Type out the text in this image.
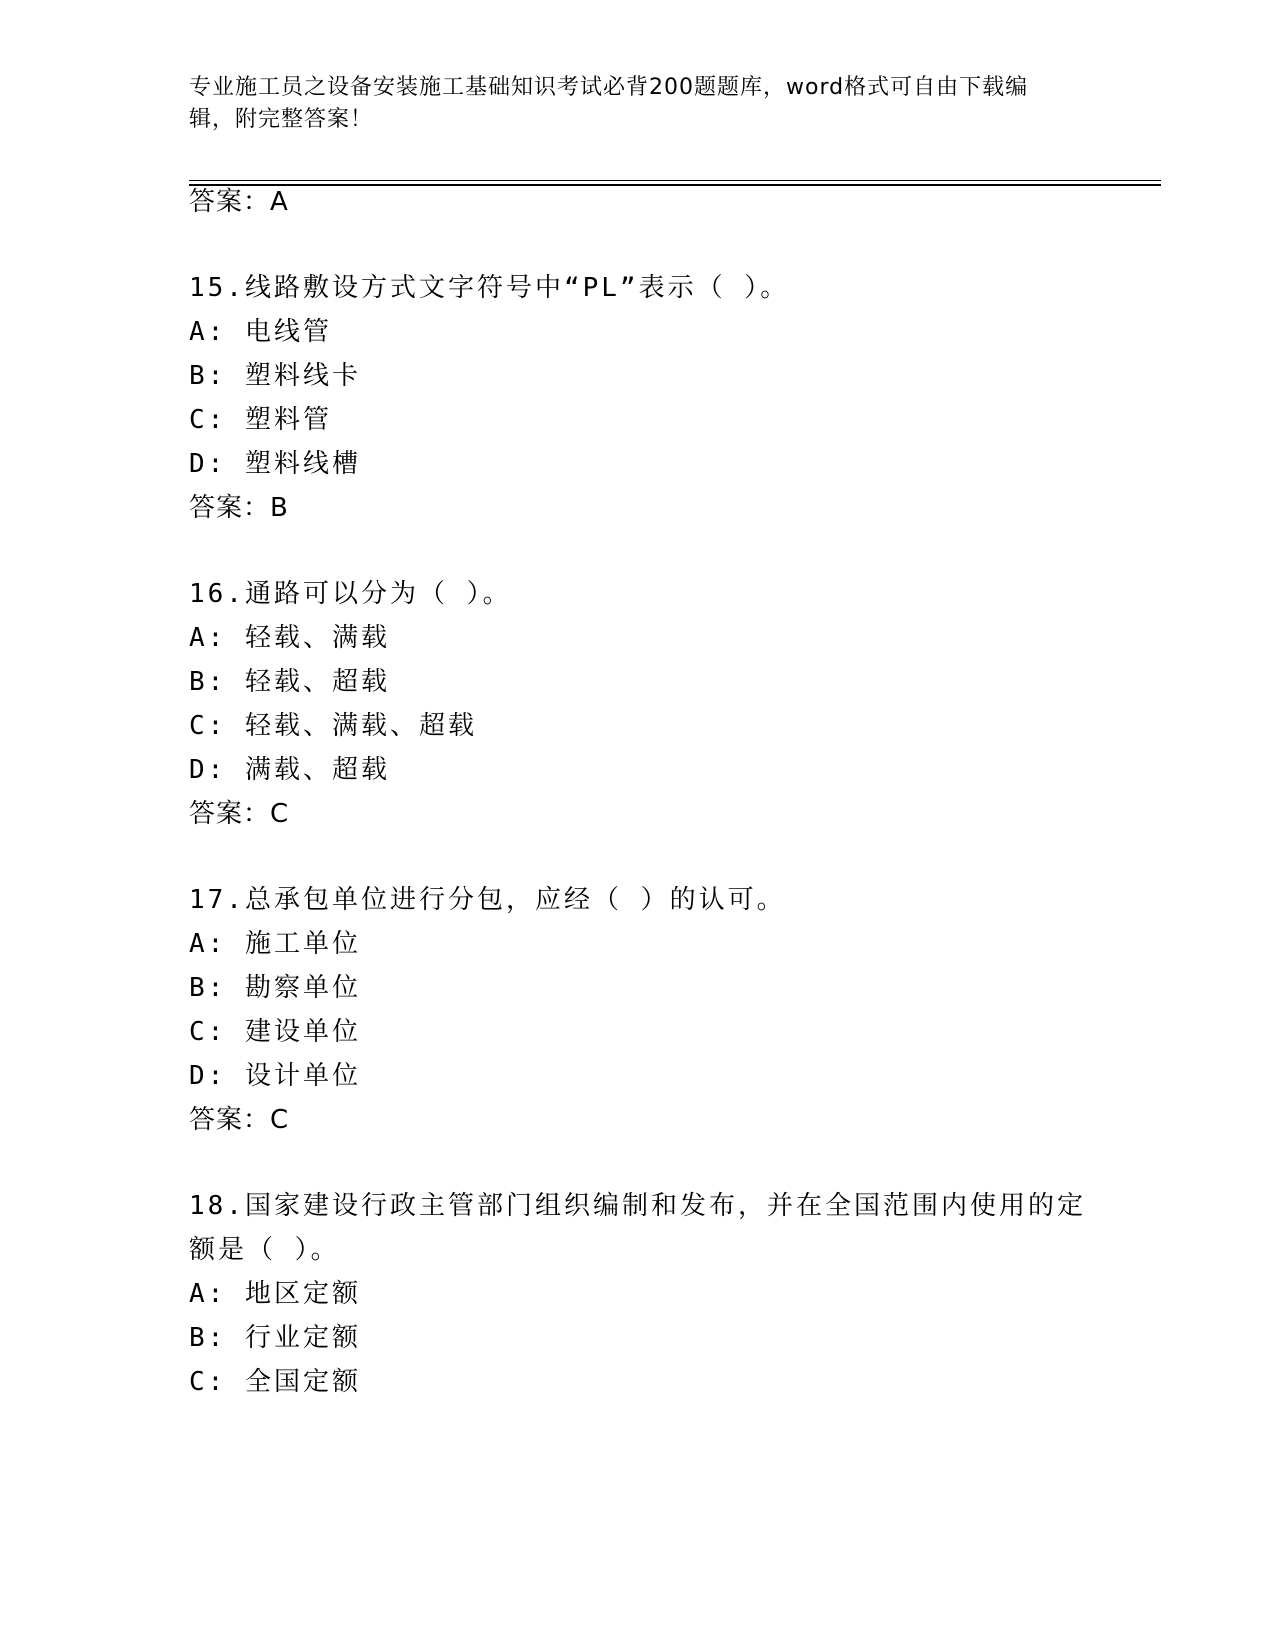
专业施工员之设备安装施工基础知识考试必背200题题库，word格式可自由下载编辑，附完整答案！
答案：A
15.线路敷设方式文字符号中“PL”表示（ ）。
A: 电线管
B: 塑料线卡
C: 塑料管
D: 塑料线槽
答案：B
16.通路可以分为（ ）。
A: 轻载、满载
B: 轻载、超载
C: 轻载、满载、超载
D: 满载、超载
答案：C
17.总承包单位进行分包，应经（ ）的认可。
A: 施工单位
B: 勘察单位
C: 建设单位
D: 设计单位
答案：C
18.国家建设行政主管部门组织编制和发布，并在全国范围内使用的定额是（ ）。
A: 地区定额
B: 行业定额
C: 全国定额
